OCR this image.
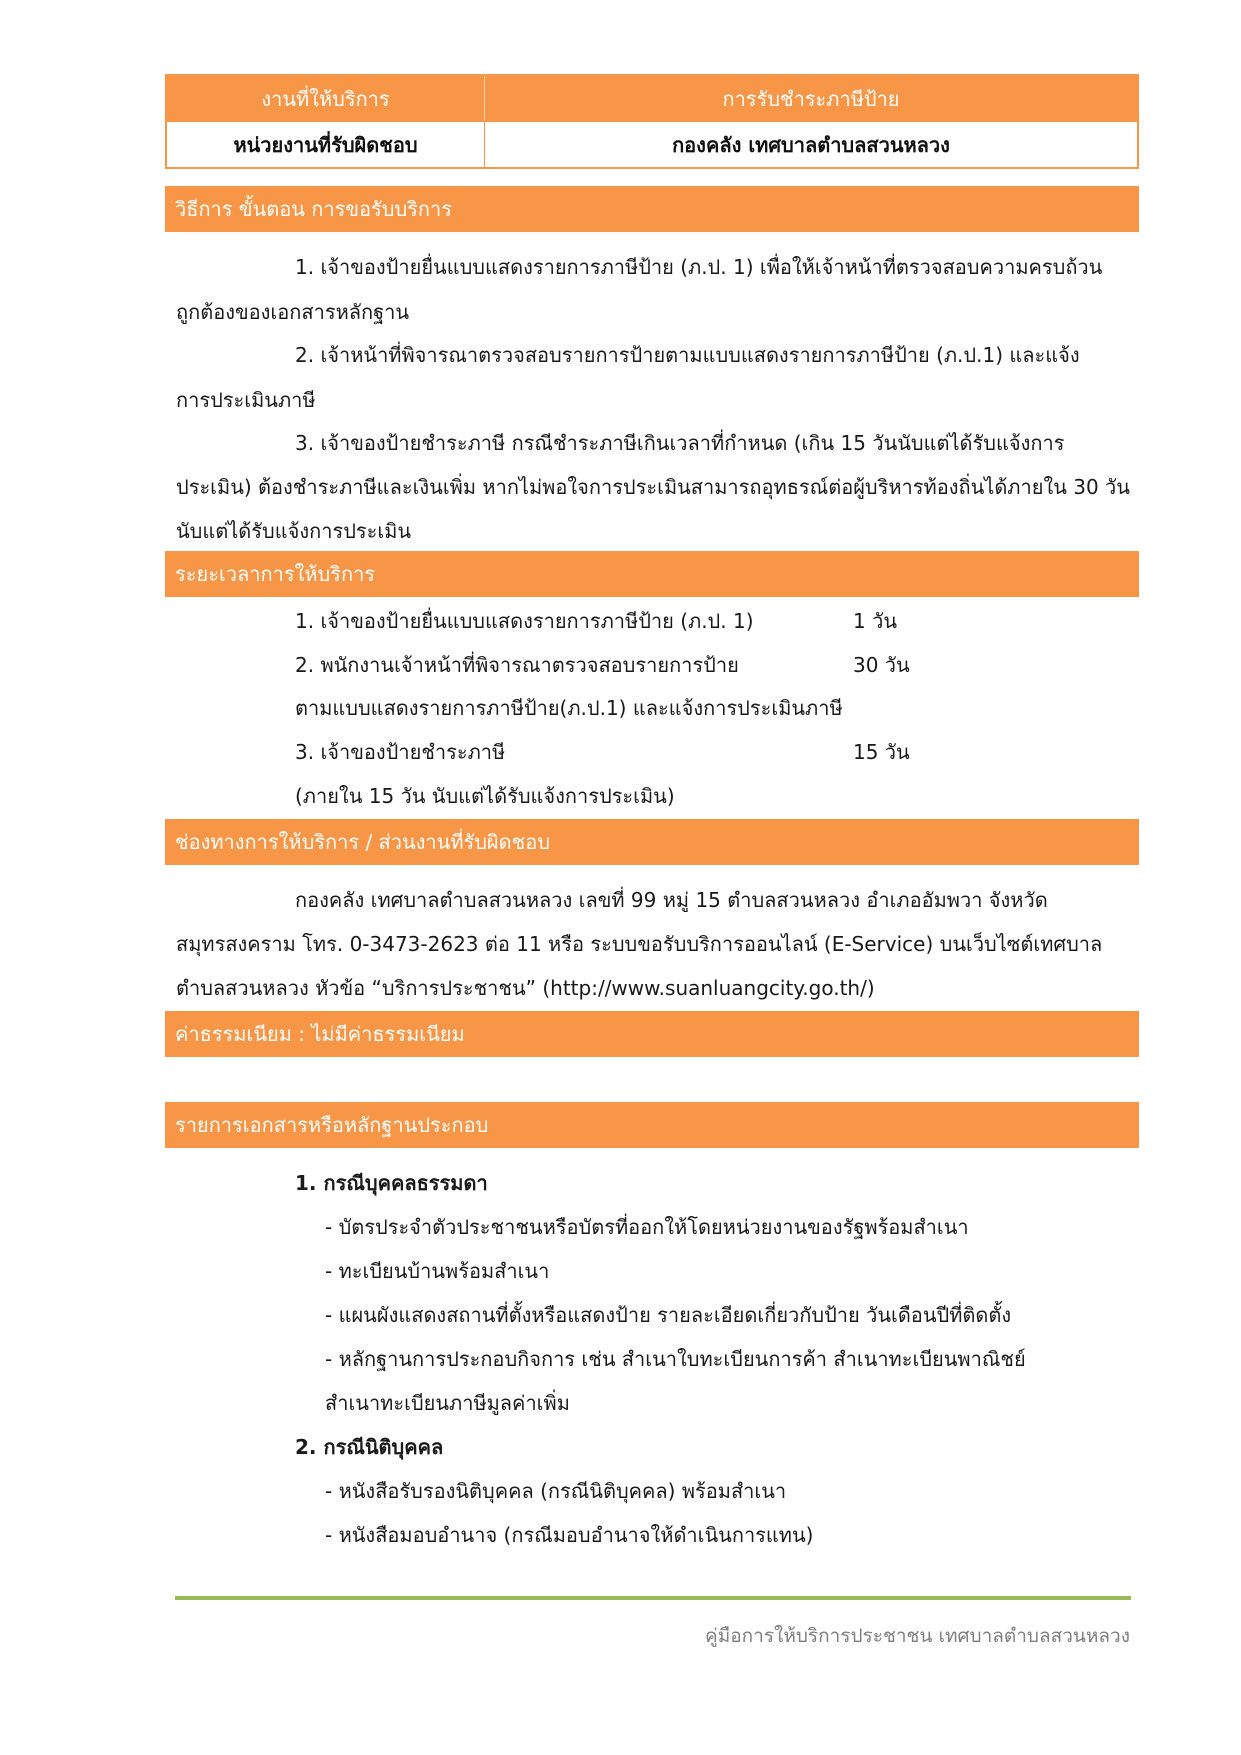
งานที่ให้บริการ	การรับชำระภาษีป้าย
หน่วยงานที่รับผิดชอบ	กองคลัง เทศบาลตำบลสวนหลวง
วิธีการ ขั้นตอน การขอรับบริการ
1. เจ้าของป้ายยื่นแบบแสดงรายการภาษีป้าย (ภ.ป. 1) เพื่อให้เจ้าหน้าที่ตรวจสอบความครบถ้วน
ถูกต้องของเอกสารหลักฐาน
2. เจ้าหน้าที่พิจารณาตรวจสอบรายการป้ายตามแบบแสดงรายการภาษีป้าย (ภ.ป.1) และแจ้ง
การประเมินภาษี
3. เจ้าของป้ายชำระภาษี กรณีชำระภาษีเกินเวลาที่กำหนด (เกิน 15 วันนับแต่ได้รับแจ้งการ
ประเมิน) ต้องชำระภาษีและเงินเพิ่ม หากไม่พอใจการประเมินสามารถอุทธรณ์ต่อผู้บริหารท้องถิ่นได้ภายใน 30 วัน
นับแต่ได้รับแจ้งการประเมิน
ระยะเวลาการให้บริการ
1. เจ้าของป้ายยื่นแบบแสดงรายการภาษีป้าย (ภ.ป. 1)	1 วัน
2. พนักงานเจ้าหน้าที่พิจารณาตรวจสอบรายการป้าย	30 วัน
ตามแบบแสดงรายการภาษีป้าย(ภ.ป.1) และแจ้งการประเมินภาษี
3. เจ้าของป้ายชำระภาษี	15 วัน
(ภายใน 15 วัน นับแต่ได้รับแจ้งการประเมิน)
ช่องทางการให้บริการ / ส่วนงานที่รับผิดชอบ
กองคลัง เทศบาลตำบลสวนหลวง เลขที่ 99 หมู่ 15 ตำบลสวนหลวง อำเภออัมพวา จังหวัด
สมุทรสงคราม โทร. 0-3473-2623 ต่อ 11 หรือ ระบบขอรับบริการออนไลน์ (E-Service) บนเว็บไซต์เทศบาล
ตำบลสวนหลวง หัวข้อ “บริการประชาชน” (http://www.suanluangcity.go.th/)
ค่าธรรมเนียม : ไม่มีค่าธรรมเนียม
รายการเอกสารหรือหลักฐานประกอบ
1. กรณีบุคคลธรรมดา
- บัตรประจำตัวประชาชนหรือบัตรที่ออกให้โดยหน่วยงานของรัฐพร้อมสำเนา
- ทะเบียนบ้านพร้อมสำเนา
- แผนผังแสดงสถานที่ตั้งหรือแสดงป้าย รายละเอียดเกี่ยวกับป้าย วันเดือนปีที่ติดตั้ง
- หลักฐานการประกอบกิจการ เช่น สำเนาใบทะเบียนการค้า สำเนาทะเบียนพาณิชย์
สำเนาทะเบียนภาษีมูลค่าเพิ่ม
2. กรณีนิติบุคคล
- หนังสือรับรองนิติบุคคล (กรณีนิติบุคคล) พร้อมสำเนา
- หนังสือมอบอำนาจ (กรณีมอบอำนาจให้ดำเนินการแทน)
คู่มือการให้บริการประชาชน เทศบาลตำบลสวนหลวง
